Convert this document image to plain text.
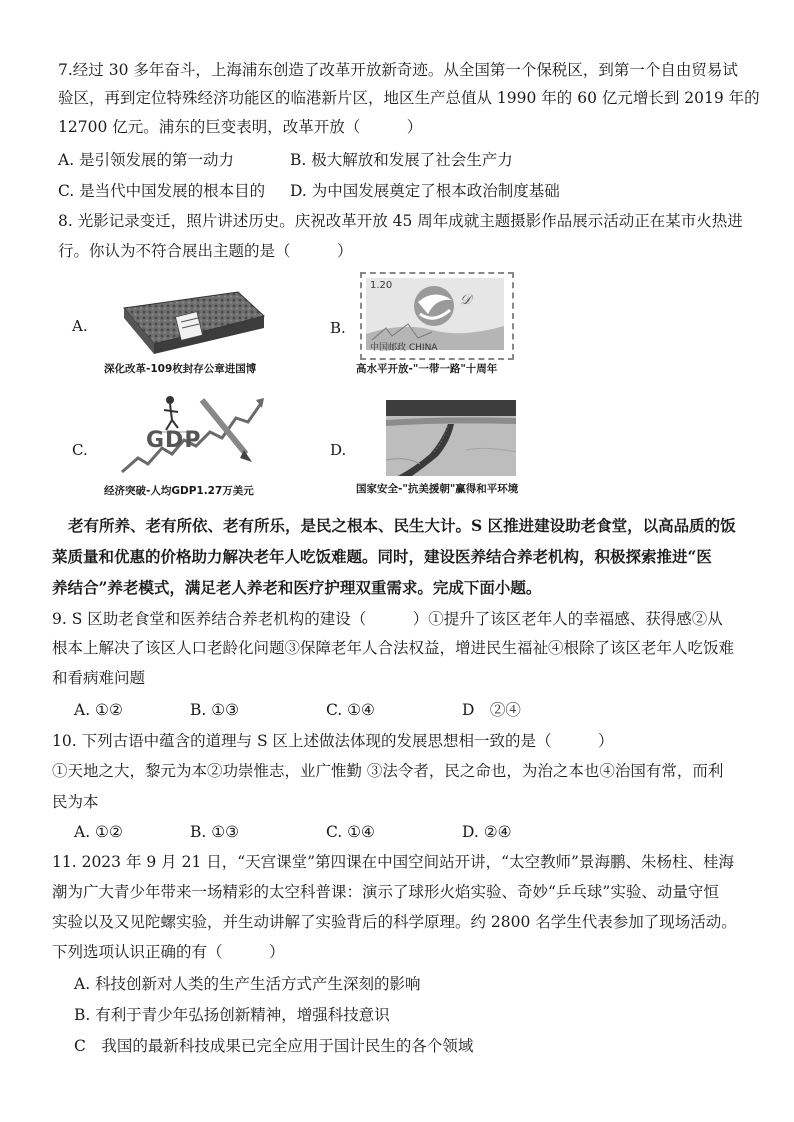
7.经过 30 多年奋斗，上海浦东创造了改革开放新奇迹。从全国第一个保税区，到第一个自由贸易试
验区，再到定位特殊经济功能区的临港新片区，地区生产总值从 1990 年的 60 亿元增长到 2019 年的
12700 亿元。浦东的巨变表明，改革开放（　　　）
A. 是引领发展的第一动力	B. 极大解放和发展了社会生产力
C. 是当代中国发展的根本目的 D. 为中国发展奠定了根本政治制度基础
8. 光影记录变迁，照片讲述历史。庆祝改革开放 45 周年成就主题摄影作品展示活动正在某市火热进
行。你认为不符合展出主题的是（　　　）
A.
深化改革-109枚封存公章进国博
B.
𝒟
1.20
中国邮政 CHINA
高水平开放-"一带一路"十周年
C.	GDP
经济突破-人均GDP1.27万美元
D.
国家安全-"抗美援朝"赢得和平环境
老有所养、老有所依、老有所乐，是民之根本、民生大计。S 区推进建设助老食堂，以高品质的饭
菜质量和优惠的价格助力解决老年人吃饭难题。同时，建设医养结合养老机构，积极探索推进“医
养结合”养老模式，满足老人养老和医疗护理双重需求。完成下面小题。
9. S 区助老食堂和医养结合养老机构的建设（　　　）①提升了该区老年人的幸福感、获得感②从
根本上解决了该区人口老龄化问题③保障老年人合法权益，增进民生福祉④根除了该区老年人吃饭难
和看病难问题
A. ①②	B. ①③	C. ①④	D　②④
10. 下列古语中蕴含的道理与 S 区上述做法体现的发展思想相一致的是（　　　）
①天地之大，黎元为本②功崇惟志，业广惟勤 ③法令者，民之命也，为治之本也④治国有常，而利
民为本
A. ①②	B. ①③	C. ①④	D. ②④
11. 2023 年 9 月 21 日，“天宫课堂”第四课在中国空间站开讲，“太空教师”景海鹏、朱杨柱、桂海
潮为广大青少年带来一场精彩的太空科普课：演示了球形火焰实验、奇妙“乒乓球”实验、动量守恒
实验以及又见陀螺实验，并生动讲解了实验背后的科学原理。约 2800 名学生代表参加了现场活动。
下列选项认识正确的有（　　　）
A. 科技创新对人类的生产生活方式产生深刻的影响
B. 有利于青少年弘扬创新精神，增强科技意识
C　我国的最新科技成果已完全应用于国计民生的各个领域
